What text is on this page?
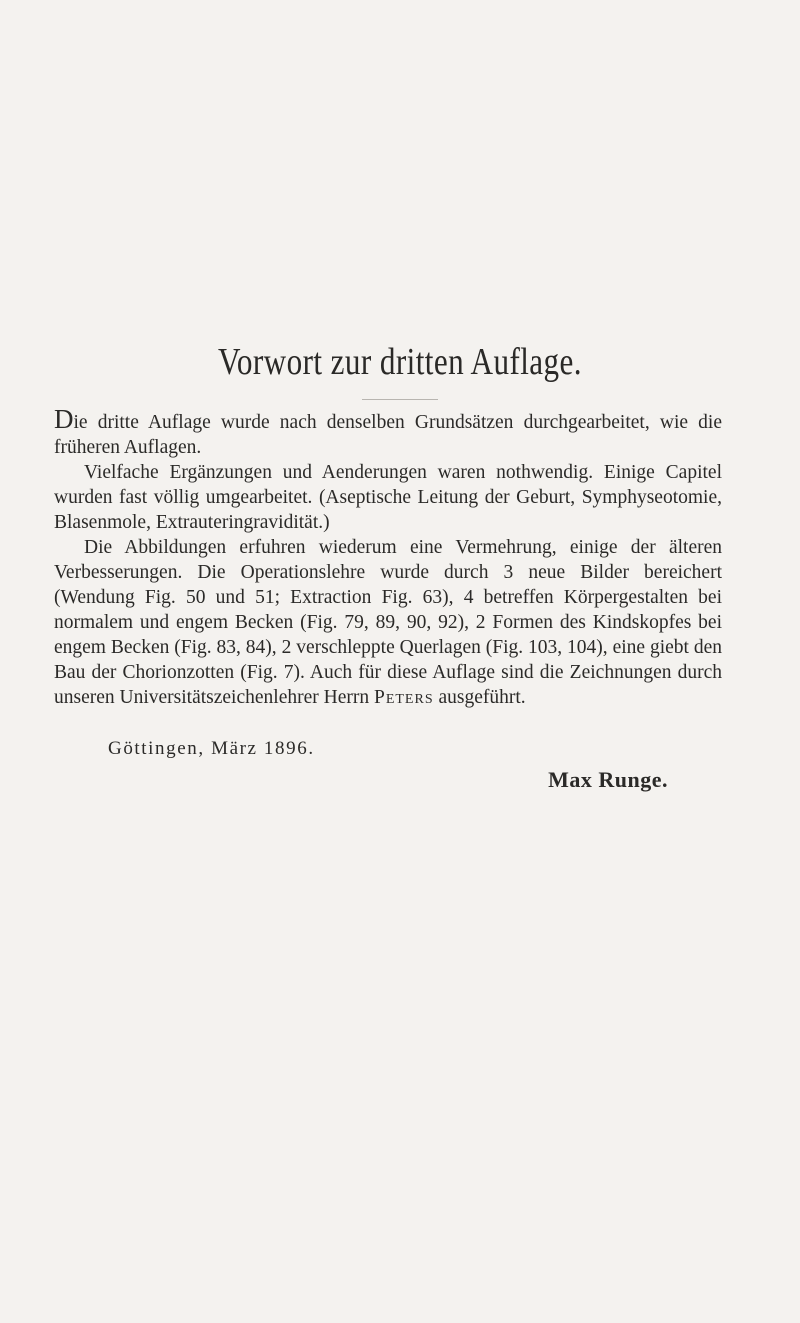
Vorwort zur dritten Auflage.

Die dritte Auflage wurde nach denselben Grundsätzen durchgearbeitet, wie die früheren Auflagen.

Vielfache Ergänzungen und Aenderungen waren nothwendig. Einige Capitel wurden fast völlig umgearbeitet. (Aseptische Leitung der Geburt, Symphyseotomie, Blasenmole, Extrauteringravidität.)

Die Abbildungen erfuhren wiederum eine Vermehrung, einige der älteren Verbesserungen. Die Operationslehre wurde durch 3 neue Bilder bereichert (Wendung Fig. 50 und 51; Extraction Fig. 63), 4 betreffen Körpergestalten bei normalem und engem Becken (Fig. 79, 89, 90, 92), 2 Formen des Kindskopfes bei engem Becken (Fig. 83, 84), 2 verschleppte Querlagen (Fig. 103, 104), eine giebt den Bau der Chorionzotten (Fig. 7). Auch für diese Auflage sind die Zeichnungen durch unseren Universitätszeichenlehrer Herrn Peters ausgeführt.

Göttingen, März 1896.
Max Runge.
